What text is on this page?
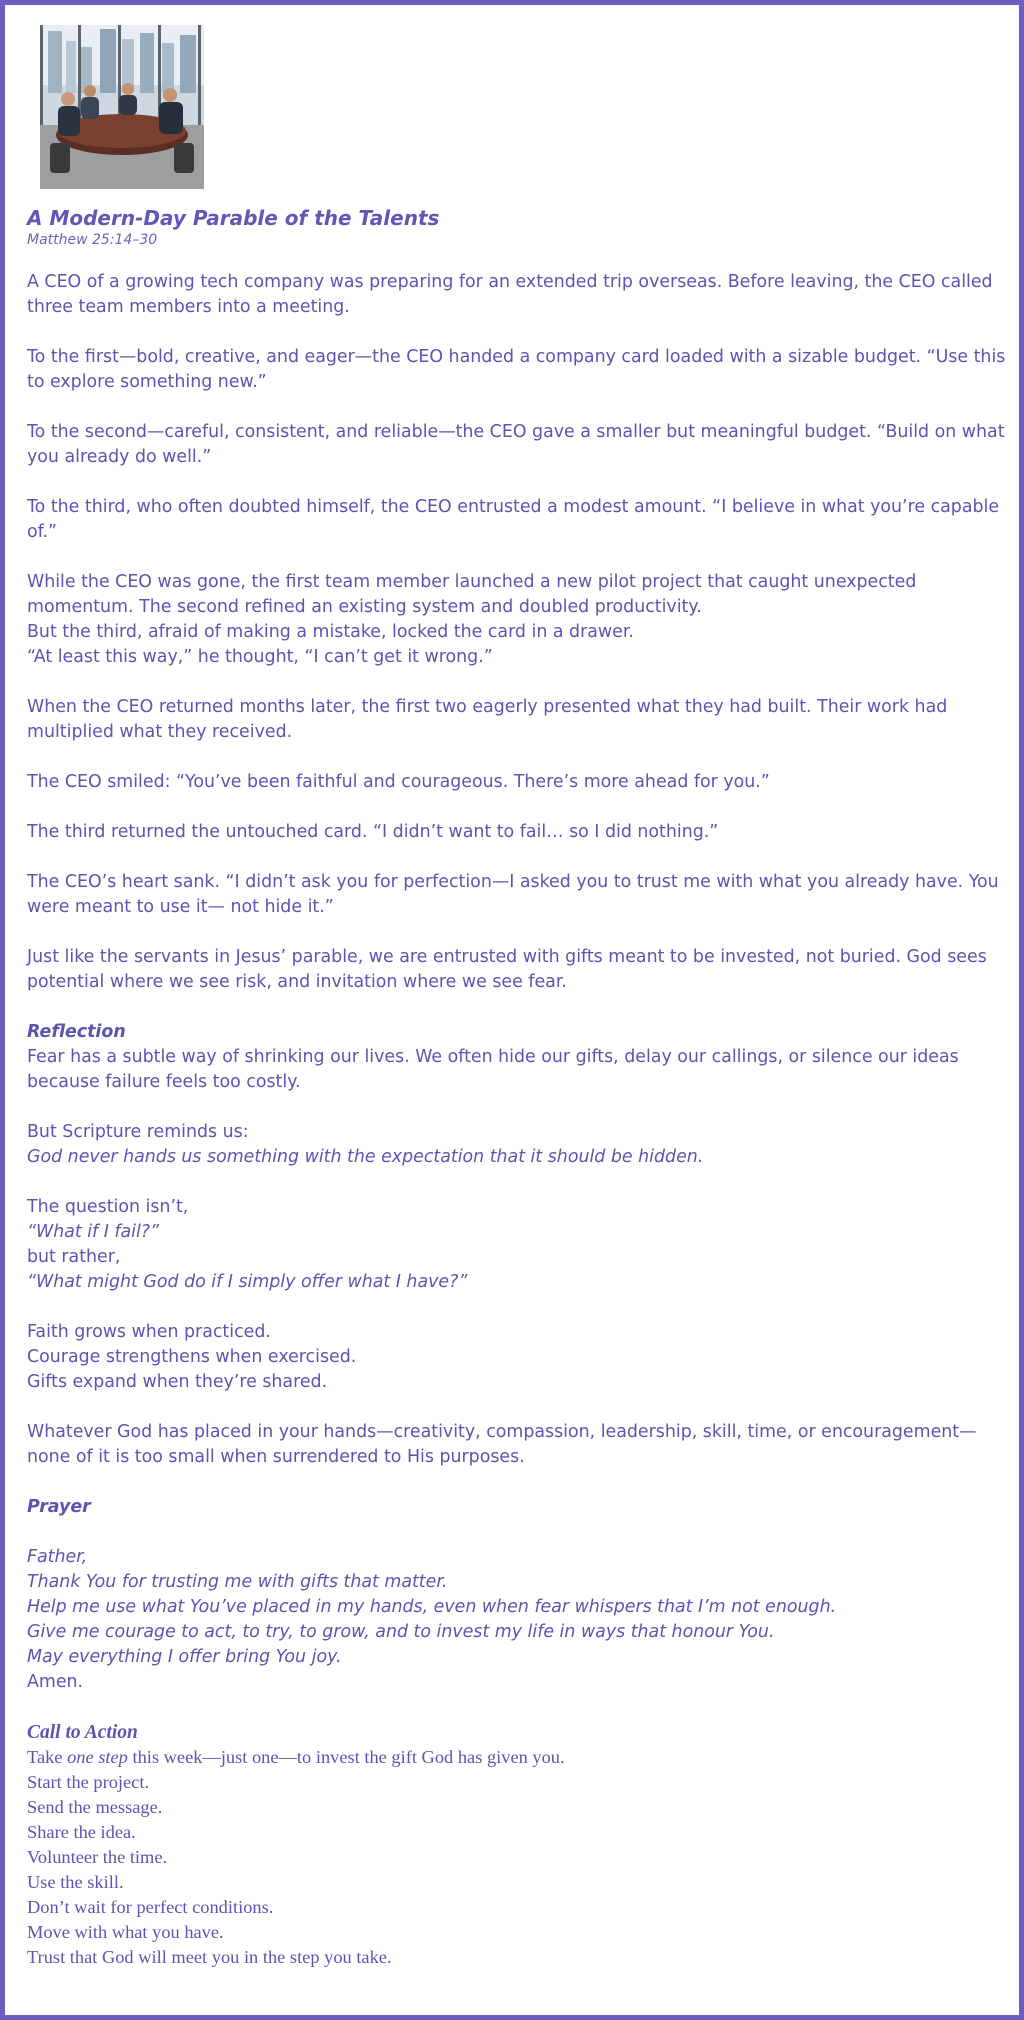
A Modern-Day Parable of the Talents

Matthew 25:14–30

A CEO of a growing tech company was preparing for an extended trip overseas. Before leaving, the CEO called three team members into a meeting.

To the first—bold, creative, and eager—the CEO handed a company card loaded with a sizable budget. “Use this to explore something new.”

To the second—careful, consistent, and reliable—the CEO gave a smaller but meaningful budget. “Build on what you already do well.”

To the third, who often doubted himself, the CEO entrusted a modest amount. “I believe in what you’re capable of.”

While the CEO was gone, the first team member launched a new pilot project that caught unexpected momentum. The second refined an existing system and doubled productivity.
But the third, afraid of making a mistake, locked the card in a drawer.
“At least this way,” he thought, “I can’t get it wrong.”

When the CEO returned months later, the first two eagerly presented what they had built. Their work had multiplied what they received.

The CEO smiled: “You’ve been faithful and courageous. There’s more ahead for you.”

The third returned the untouched card. “I didn’t want to fail… so I did nothing.”

The CEO’s heart sank. “I didn’t ask you for perfection—I asked you to trust me with what you already have. You were meant to use it— not hide it.”

Just like the servants in Jesus’ parable, we are entrusted with gifts meant to be invested, not buried. God sees potential where we see risk, and invitation where we see fear.

Reflection
Fear has a subtle way of shrinking our lives. We often hide our gifts, delay our callings, or silence our ideas because failure feels too costly.
But Scripture reminds us:
God never hands us something with the expectation that it should be hidden.
The question isn’t,
“What if I fail?”
but rather,
“What might God do if I simply offer what I have?”
Faith grows when practiced.
Courage strengthens when exercised.
Gifts expand when they’re shared.

Whatever God has placed in your hands—creativity, compassion, leadership, skill, time, or encouragement—none of it is too small when surrendered to His purposes.

Prayer
Father,
Thank You for trusting me with gifts that matter.
Help me use what You’ve placed in my hands, even when fear whispers that I’m not enough.
Give me courage to act, to try, to grow, and to invest my life in ways that honour You.
May everything I offer bring You joy.
Amen.
Call to Action
Take one step this week—just one—to invest the gift God has given you.
Start the project.
Send the message.
Share the idea.
Volunteer the time.
Use the skill.
Don’t wait for perfect conditions.
Move with what you have.
Trust that God will meet you in the step you take.
